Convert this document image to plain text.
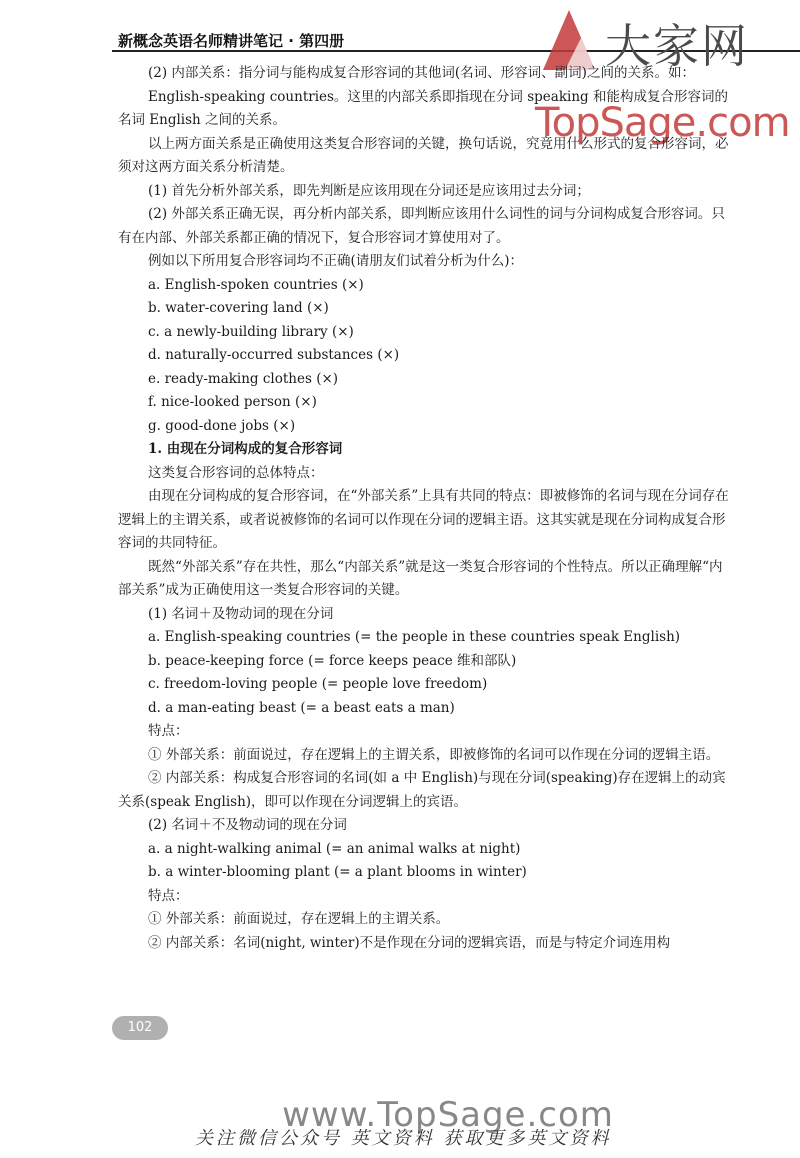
新概念英语名师精讲笔记 · 第四册	大家网
TopSage.com

(2) 内部关系：指分词与能构成复合形容词的其他词(名词、形容词、副词)之间的关系。如：

English-speaking countries。这里的内部关系即指现在分词 speaking 和能构成复合形容词的名词 English 之间的关系。

以上两方面关系是正确使用这类复合形容词的关键，换句话说，究竟用什么形式的复合形容词，必须对这两方面关系分析清楚。

(1) 首先分析外部关系，即先判断是应该用现在分词还是应该用过去分词；

(2) 外部关系正确无误，再分析内部关系，即判断应该用什么词性的词与分词构成复合形容词。只有在内部、外部关系都正确的情况下，复合形容词才算使用对了。

例如以下所用复合形容词均不正确(请朋友们试着分析为什么)：

a. English-spoken countries (×)

b. water-covering land (×)

c. a newly-building library (×)

d. naturally-occurred substances (×)

e. ready-making clothes (×)

f. nice-looked person (×)

g. good-done jobs (×)

1. 由现在分词构成的复合形容词

这类复合形容词的总体特点：

由现在分词构成的复合形容词，在“外部关系”上具有共同的特点：即被修饰的名词与现在分词存在逻辑上的主谓关系，或者说被修饰的名词可以作现在分词的逻辑主语。这其实就是现在分词构成复合形容词的共同特征。

既然“外部关系”存在共性，那么“内部关系”就是这一类复合形容词的个性特点。所以正确理解“内部关系”成为正确使用这一类复合形容词的关键。

(1) 名词＋及物动词的现在分词

a. English-speaking countries (= the people in these countries speak English)

b. peace-keeping force (= force keeps peace 维和部队)

c. freedom-loving people (= people love freedom)

d. a man-eating beast (= a beast eats a man)

特点：

① 外部关系：前面说过，存在逻辑上的主谓关系，即被修饰的名词可以作现在分词的逻辑主语。

② 内部关系：构成复合形容词的名词(如 a 中 English)与现在分词(speaking)存在逻辑上的动宾关系(speak English)，即可以作现在分词逻辑上的宾语。

(2) 名词＋不及物动词的现在分词

a. a night-walking animal (= an animal walks at night)

b. a winter-blooming plant (= a plant blooms in winter)

特点：

① 外部关系：前面说过，存在逻辑上的主谓关系。

② 内部关系：名词(night, winter)不是作现在分词的逻辑宾语，而是与特定介词连用构

102
www.TopSage.com
关注微信公众号 英文资料 获取更多英文资料
